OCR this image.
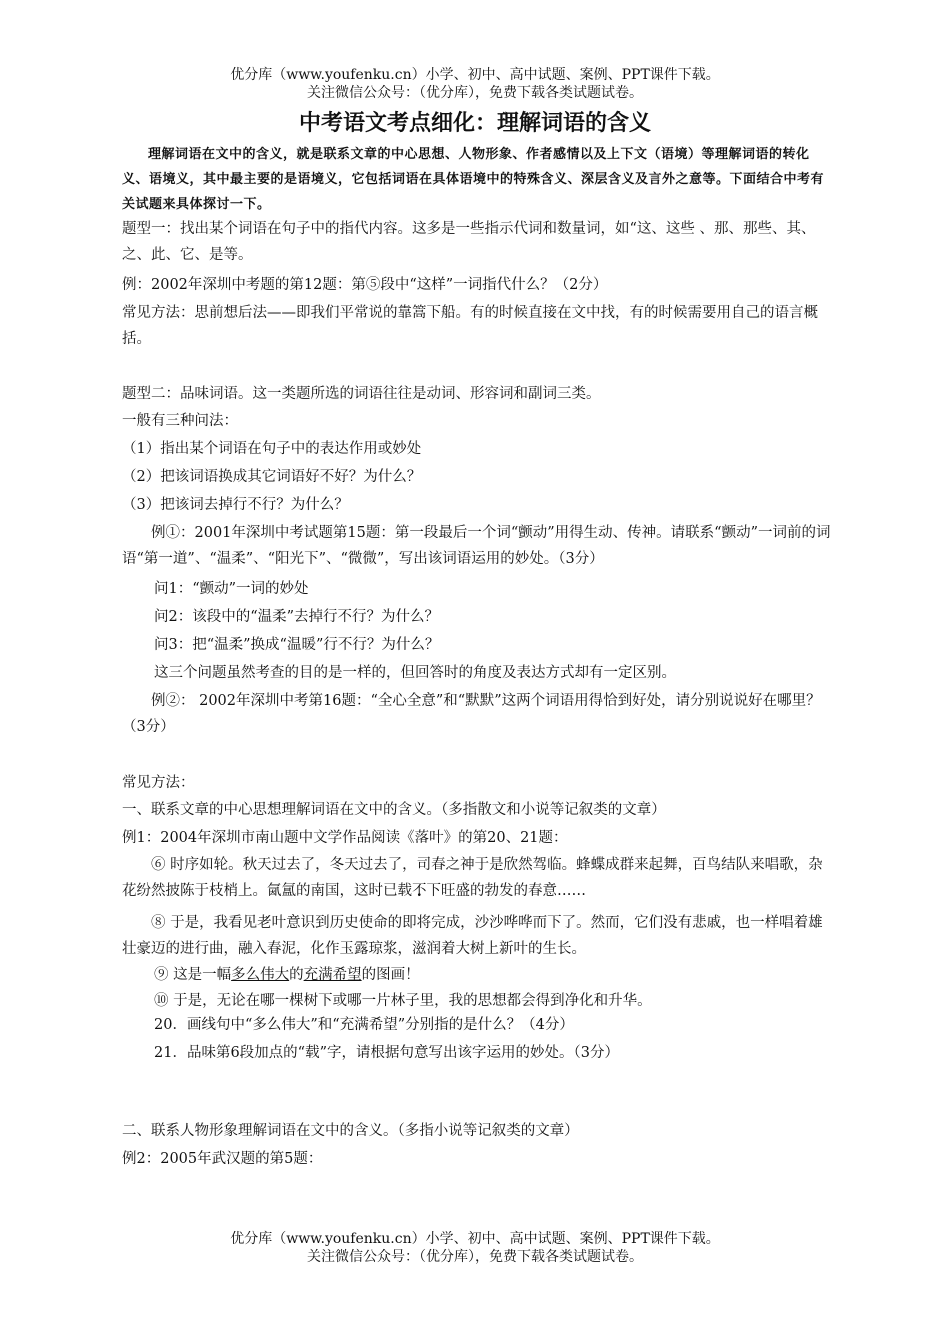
优分库（www.youfenku.cn）小学、初中、高中试题、案例、PPT课件下载。
关注微信公众号：（优分库），免费下载各类试题试卷。
中考语文考点细化：理解词语的含义
理解词语在文中的含义，就是联系文章的中心思想、人物形象、作者感情以及上下文（语境）等理解词语的转化义、语境义，其中最主要的是语境义，它包括词语在具体语境中的特殊含义、深层含义及言外之意等。下面结合中考有关试题来具体探讨一下。
题型一：找出某个词语在句子中的指代内容。这多是一些指示代词和数量词，如“这、这些 、那、那些、其、之、此、它、是等。
例：2002年深圳中考题的第12题：第⑤段中“这样”一词指代什么？（2分）
常见方法：思前想后法——即我们平常说的靠篙下船。有的时候直接在文中找，有的时候需要用自己的语言概括。
题型二：品味词语。这一类题所选的词语往往是动词、形容词和副词三类。
一般有三种问法：
（1）指出某个词语在句子中的表达作用或妙处
（2）把该词语换成其它词语好不好？为什么？
（3）把该词去掉行不行？为什么？
例①：2001年深圳中考试题第15题：第一段最后一个词“颤动”用得生动、传神。请联系“颤动”一词前的词语“第一道”、“温柔”、“阳光下”、“微微”，写出该词语运用的妙处。（3分）
问1：“颤动”一词的妙处
问2：该段中的“温柔”去掉行不行？为什么？
问3：把“温柔”换成“温暖”行不行？为什么？
这三个问题虽然考查的目的是一样的，但回答时的角度及表达方式却有一定区别。
例②： 2002年深圳中考第16题：“全心全意”和“默默”这两个词语用得恰到好处，请分别说说好在哪里？（3分）
常见方法：
一、联系文章的中心思想理解词语在文中的含义。（多指散文和小说等记叙类的文章）
例1：2004年深圳市南山题中文学作品阅读《落叶》的第20、21题：
⑥ 时序如轮。秋天过去了，冬天过去了，司春之神于是欣然驾临。蜂蝶成群来起舞，百鸟结队来唱歌，杂花纷然披陈于枝梢上。氤氲的南国，这时已载不下旺盛的勃发的春意……
⑧ 于是，我看见老叶意识到历史使命的即将完成，沙沙哗哗而下了。然而，它们没有悲戚，也一样唱着雄壮豪迈的进行曲，融入春泥，化作玉露琼浆，滋润着大树上新叶的生长。
⑨ 这是一幅多么伟大的充满希望的图画！
⑩ 于是，无论在哪一棵树下或哪一片林子里，我的思想都会得到净化和升华。
20．画线句中“多么伟大”和“充满希望”分别指的是什么？（4分）
21．品味第6段加点的“载”字，请根据句意写出该字运用的妙处。（3分）
二、联系人物形象理解词语在文中的含义。（多指小说等记叙类的文章）
例2：2005年武汉题的第5题：
优分库（www.youfenku.cn）小学、初中、高中试题、案例、PPT课件下载。
关注微信公众号：（优分库），免费下载各类试题试卷。
